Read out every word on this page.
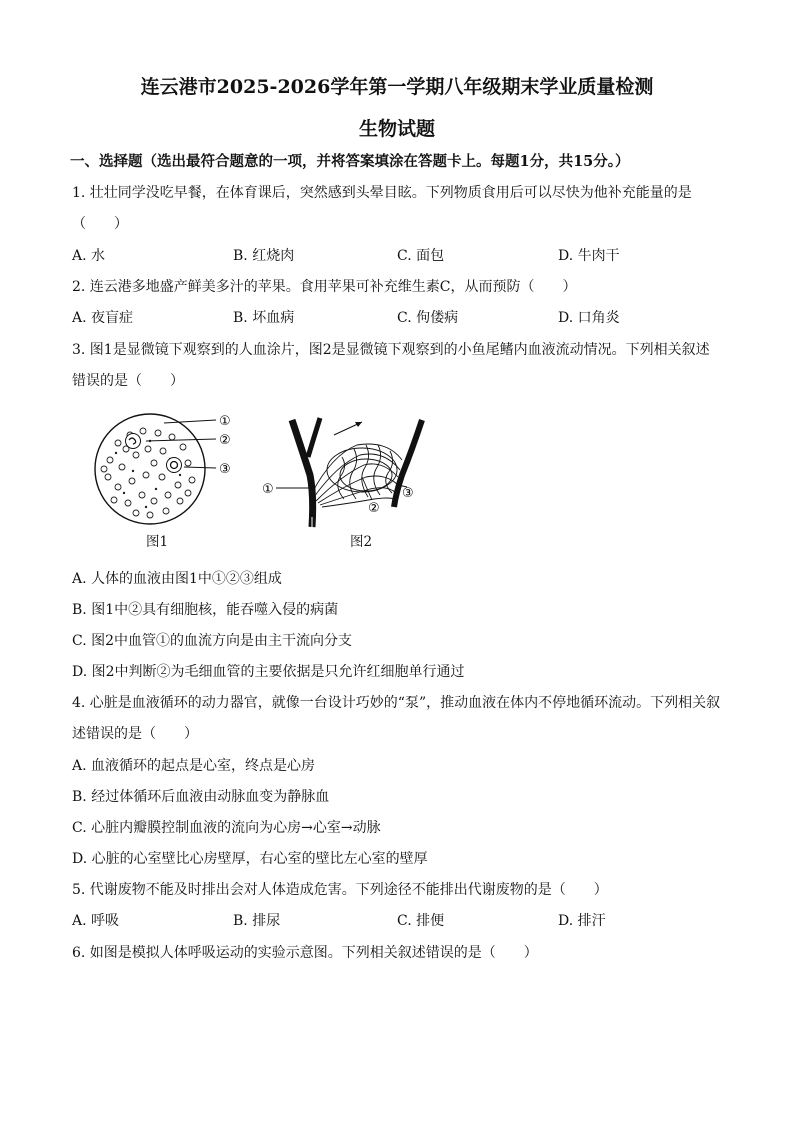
连云港市2025-2026学年第一学期八年级期末学业质量检测
生物试题
一、选择题（选出最符合题意的一项，并将答案填涂在答题卡上。每题1分，共15分。）
1. 壮壮同学没吃早餐，在体育课后，突然感到头晕目眩。下列物质食用后可以尽快为他补充能量的是
（　　）
A. 水	B. 红烧肉	C. 面包	D. 牛肉干
2. 连云港多地盛产鲜美多汁的苹果。食用苹果可补充维生素C，从而预防（　　）
A. 夜盲症	B. 坏血病	C. 佝偻病	D. 口角炎
3. 图1是显微镜下观察到的人血涂片，图2是显微镜下观察到的小鱼尾鳍内血液流动情况。下列相关叙述
错误的是（　　）
①
②
③
图1
①
②
③
图2
A. 人体的血液由图1中①②③组成
B. 图1中②具有细胞核，能吞噬入侵的病菌
C. 图2中血管①的血流方向是由主干流向分支
D. 图2中判断②为毛细血管的主要依据是只允许红细胞单行通过
4. 心脏是血液循环的动力器官，就像一台设计巧妙的“泵”，推动血液在体内不停地循环流动。下列相关叙
述错误的是（　　）
A. 血液循环的起点是心室，终点是心房
B. 经过体循环后血液由动脉血变为静脉血
C. 心脏内瓣膜控制血液的流向为心房→心室→动脉
D. 心脏的心室壁比心房壁厚，右心室的壁比左心室的壁厚
5. 代谢废物不能及时排出会对人体造成危害。下列途径不能排出代谢废物的是（　　）
A. 呼吸	B. 排尿	C. 排便	D. 排汗
6. 如图是模拟人体呼吸运动的实验示意图。下列相关叙述错误的是（　　）
